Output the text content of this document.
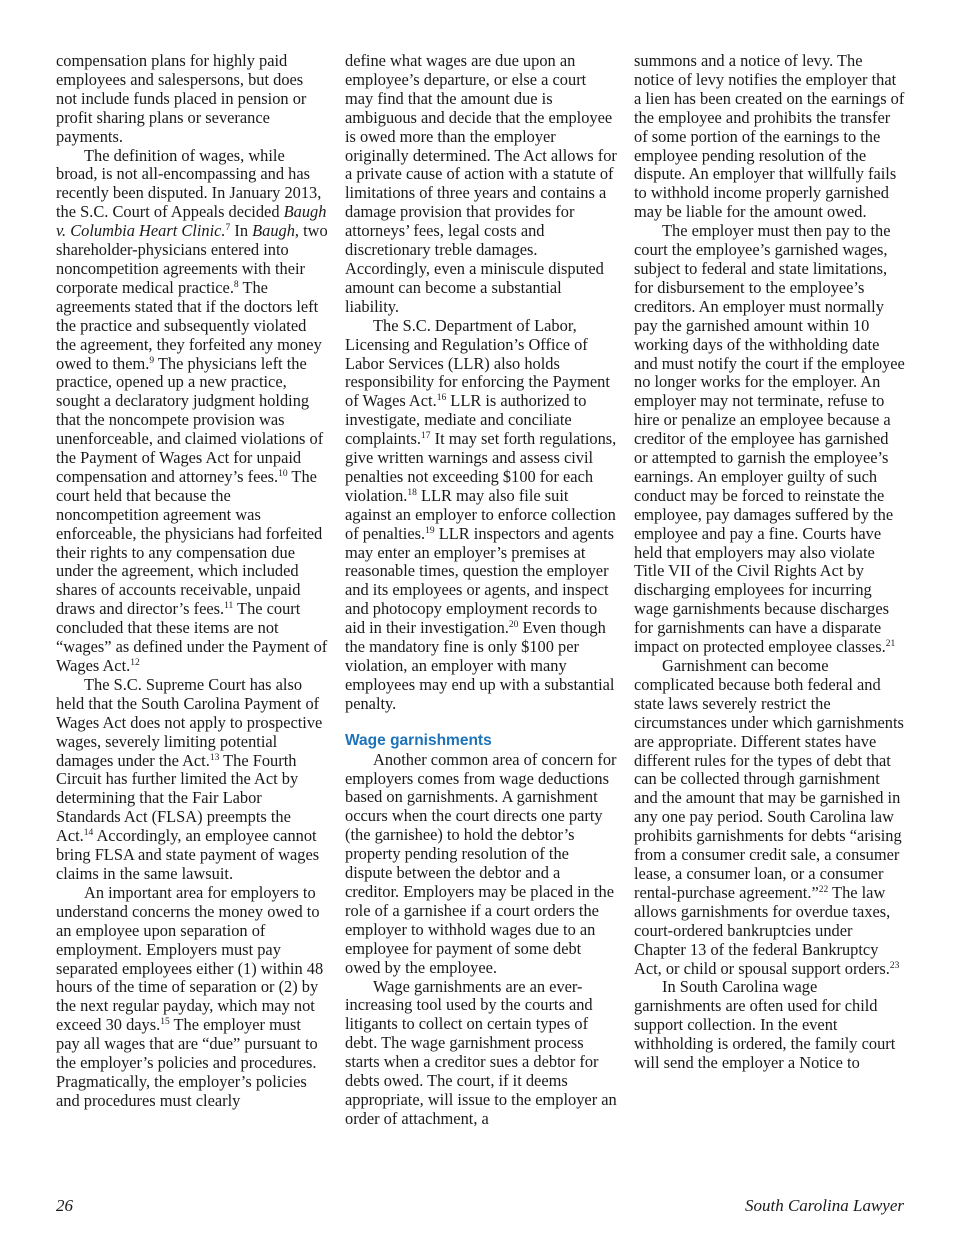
compensation plans for highly paid employees and salespersons, but does not include funds placed in pension or profit sharing plans or severance payments.

The definition of wages, while broad, is not all-encompassing and has recently been disputed. In January 2013, the S.C. Court of Appeals decided Baugh v. Columbia Heart Clinic.$^7$ In Baugh, two shareholder-physicians entered into noncompetition agreements with their corporate medical practice.$^8$ The agreements stated that if the doctors left the practice and subsequently violated the agreement, they forfeited any money owed to them.$^9$ The physicians left the practice, opened up a new practice, sought a declaratory judgment holding that the noncompete provision was unenforceable, and claimed violations of the Payment of Wages Act for unpaid compensation and attorney’s fees.$^{10}$ The court held that because the noncompetition agreement was enforceable, the physicians had forfeited their rights to any compensation due under the agreement, which included shares of accounts receivable, unpaid draws and director’s fees.$^{11}$ The court concluded that these items are not “wages” as defined under the Payment of Wages Act.$^{12}$

The S.C. Supreme Court has also held that the South Carolina Payment of Wages Act does not apply to prospective wages, severely limiting potential damages under the Act.$^{13}$ The Fourth Circuit has further limited the Act by determining that the Fair Labor Standards Act (FLSA) preempts the Act.$^{14}$ Accordingly, an employee cannot bring FLSA and state payment of wages claims in the same lawsuit.

An important area for employers to understand concerns the money owed to an employee upon separation of employment. Employers must pay separated employees either (1) within 48 hours of the time of separation or (2) by the next regular payday, which may not exceed 30 days.$^{15}$ The employer must pay all wages that are “due” pursuant to the employer’s policies and procedures. Pragmatically, the employer’s policies and procedures must clearly

define what wages are due upon an employee’s departure, or else a court may find that the amount due is ambiguous and decide that the employee is owed more than the employer originally determined. The Act allows for a private cause of action with a statute of limitations of three years and contains a damage provision that provides for attorneys’ fees, legal costs and discretionary treble damages. Accordingly, even a miniscule disputed amount can become a substantial liability.

The S.C. Department of Labor, Licensing and Regulation’s Office of Labor Services (LLR) also holds responsibility for enforcing the Payment of Wages Act.$^{16}$ LLR is authorized to investigate, mediate and conciliate complaints.$^{17}$ It may set forth regulations, give written warnings and assess civil penalties not exceeding $100 for each violation.$^{18}$ LLR may also file suit against an employer to enforce collection of penalties.$^{19}$ LLR inspectors and agents may enter an employer’s premises at reasonable times, question the employer and its employees or agents, and inspect and photocopy employment records to aid in their investigation.$^{20}$ Even though the mandatory fine is only $100 per violation, an employer with many employees may end up with a substantial penalty.

Wage garnishments

Another common area of concern for employers comes from wage deductions based on garnishments. A garnishment occurs when the court directs one party (the garnishee) to hold the debtor’s property pending resolution of the dispute between the debtor and a creditor. Employers may be placed in the role of a garnishee if a court orders the employer to withhold wages due to an employee for payment of some debt owed by the employee.

Wage garnishments are an ever-increasing tool used by the courts and litigants to collect on certain types of debt. The wage garnishment process starts when a creditor sues a debtor for debts owed. The court, if it deems appropriate, will issue to the employer an order of attachment, a

summons and a notice of levy. The notice of levy notifies the employer that a lien has been created on the earnings of the employee and prohibits the transfer of some portion of the earnings to the employee pending resolution of the dispute. An employer that willfully fails to withhold income properly garnished may be liable for the amount owed.

The employer must then pay to the court the employee’s garnished wages, subject to federal and state limitations, for disbursement to the employee’s creditors. An employer must normally pay the garnished amount within 10 working days of the withholding date and must notify the court if the employee no longer works for the employer. An employer may not terminate, refuse to hire or penalize an employee because a creditor of the employee has garnished or attempted to garnish the employee’s earnings. An employer guilty of such conduct may be forced to reinstate the employee, pay damages suffered by the employee and pay a fine. Courts have held that employers may also violate Title VII of the Civil Rights Act by discharging employees for incurring wage garnishments because discharges for garnishments can have a disparate impact on protected employee classes.$^{21}$

Garnishment can become complicated because both federal and state laws severely restrict the circumstances under which garnishments are appropriate. Different states have different rules for the types of debt that can be collected through garnishment and the amount that may be garnished in any one pay period. South Carolina law prohibits garnishments for debts “arising from a consumer credit sale, a consumer lease, a consumer loan, or a consumer rental-purchase agreement.”$^{22}$ The law allows garnishments for overdue taxes, court-ordered bankruptcies under Chapter 13 of the federal Bankruptcy Act, or child or spousal support orders.$^{23}$

In South Carolina wage garnishments are often used for child support collection. In the event withholding is ordered, the family court will send the employer a Notice to

26	South Carolina Lawyer
